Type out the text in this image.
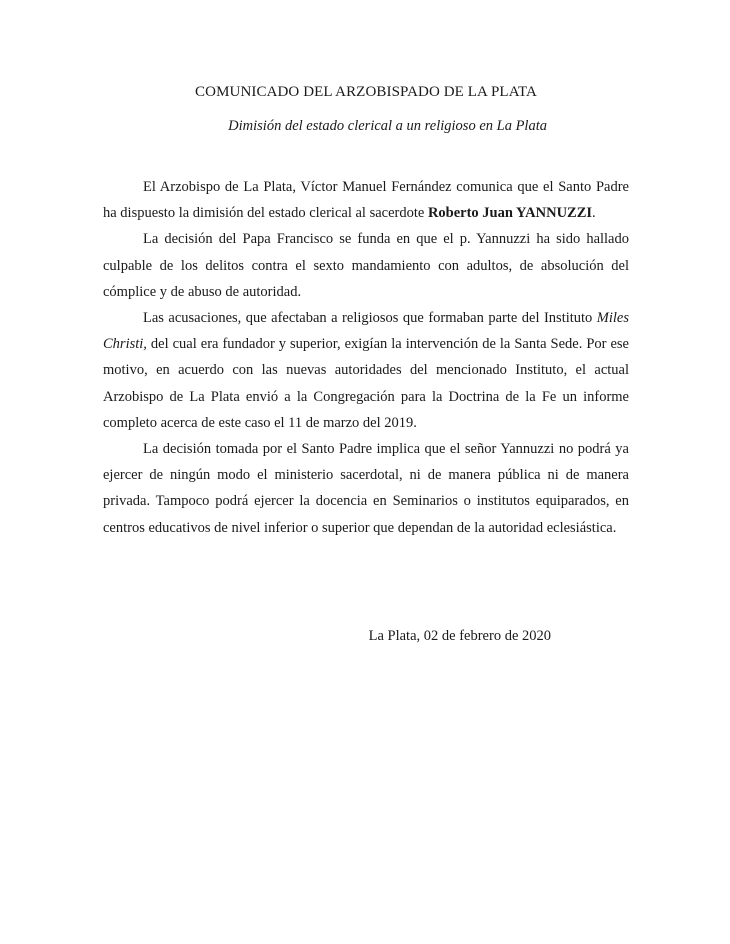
COMUNICADO DEL ARZOBISPADO DE LA PLATA

Dimisión del estado clerical a un religioso en La Plata

El Arzobispo de La Plata, Víctor Manuel Fernández comunica que el Santo Padre ha dispuesto la dimisión del estado clerical al sacerdote Roberto Juan YANNUZZI.

La decisión del Papa Francisco se funda en que el p. Yannuzzi ha sido hallado culpable de los delitos contra el sexto mandamiento con adultos, de absolución del cómplice y de abuso de autoridad.

Las acusaciones, que afectaban a religiosos que formaban parte del Instituto Miles Christi, del cual era fundador y superior, exigían la intervención de la Santa Sede. Por ese motivo, en acuerdo con las nuevas autoridades del mencionado Instituto, el actual Arzobispo de La Plata envió a la Congregación para la Doctrina de la Fe un informe completo acerca de este caso el 11 de marzo del 2019.

La decisión tomada por el Santo Padre implica que el señor Yannuzzi no podrá ya ejercer de ningún modo el ministerio sacerdotal, ni de manera pública ni de manera privada. Tampoco podrá ejercer la docencia en Seminarios o institutos equiparados, en centros educativos de nivel inferior o superior que dependan de la autoridad eclesiástica.

La Plata, 02 de febrero de 2020
